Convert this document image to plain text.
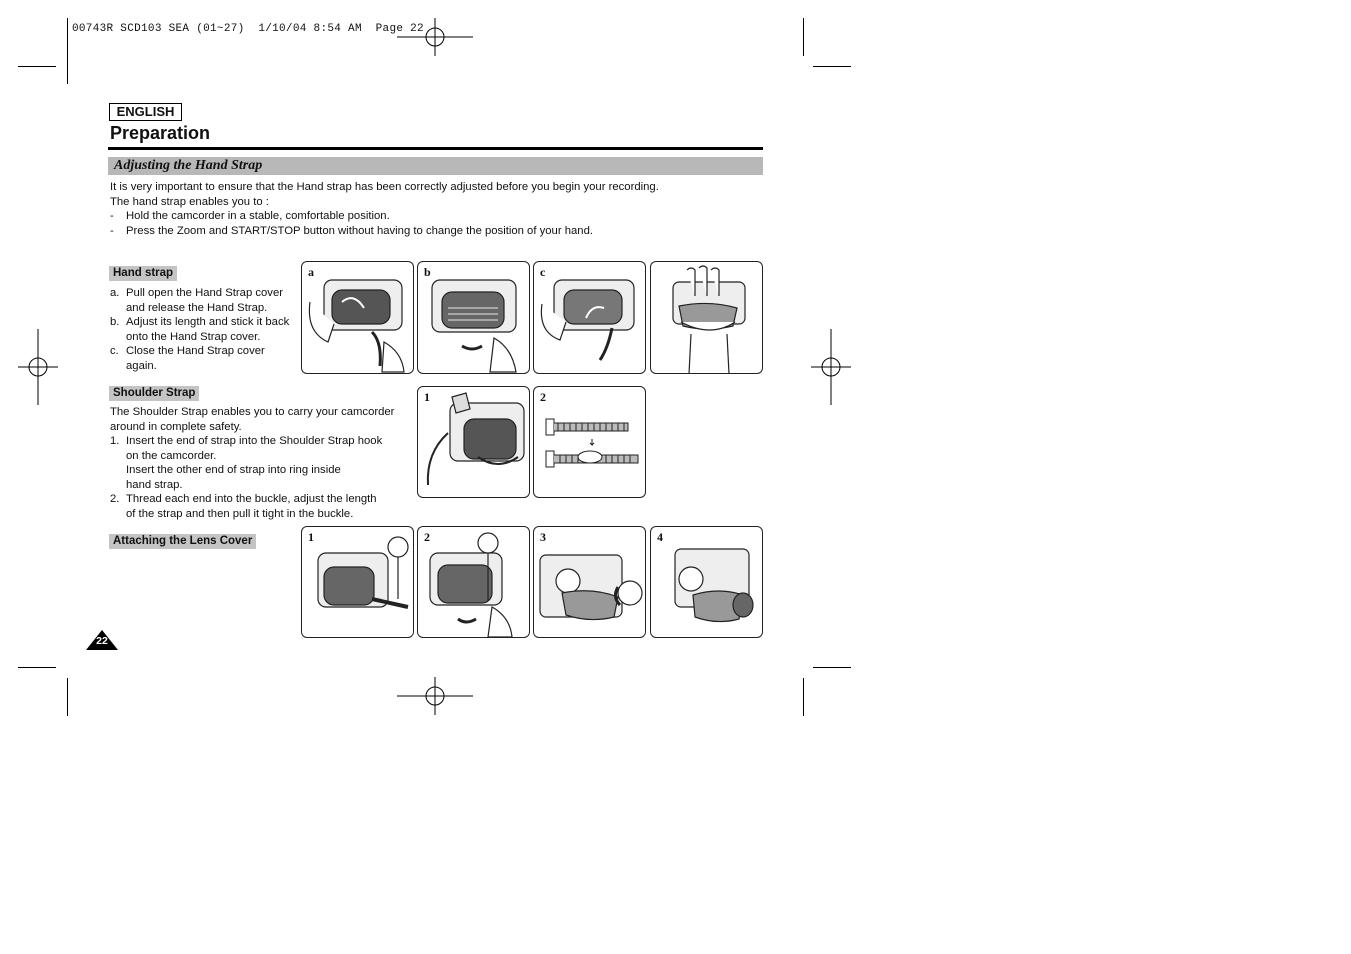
00743R SCD103 SEA (01~27)  1/10/04 8:54 AM  Page 22
ENGLISH
Preparation
Adjusting the Hand Strap
It is very important to ensure that the Hand strap has been correctly adjusted before you begin your recording.
The hand strap enables you to :
- Hold the camcorder in a stable, comfortable position.
- Press the Zoom and START/STOP button without having to change the position of your hand.
Hand strap
a. Pull open the Hand Strap cover
and release the Hand Strap.
b. Adjust its length and stick it back
onto the Hand Strap cover.
c. Close the Hand Strap cover
again.
Shoulder Strap
The Shoulder Strap enables you to carry your camcorder
around in complete safety.
1. Insert the end of strap into the Shoulder Strap hook
on the camcorder.
Insert the other end of strap into ring inside
hand strap.
2. Thread each end into the buckle, adjust the length
of the strap and then pull it tight in the buckle.
Attaching the Lens Cover
a	b	c
1	2
1	2	3	4
22
